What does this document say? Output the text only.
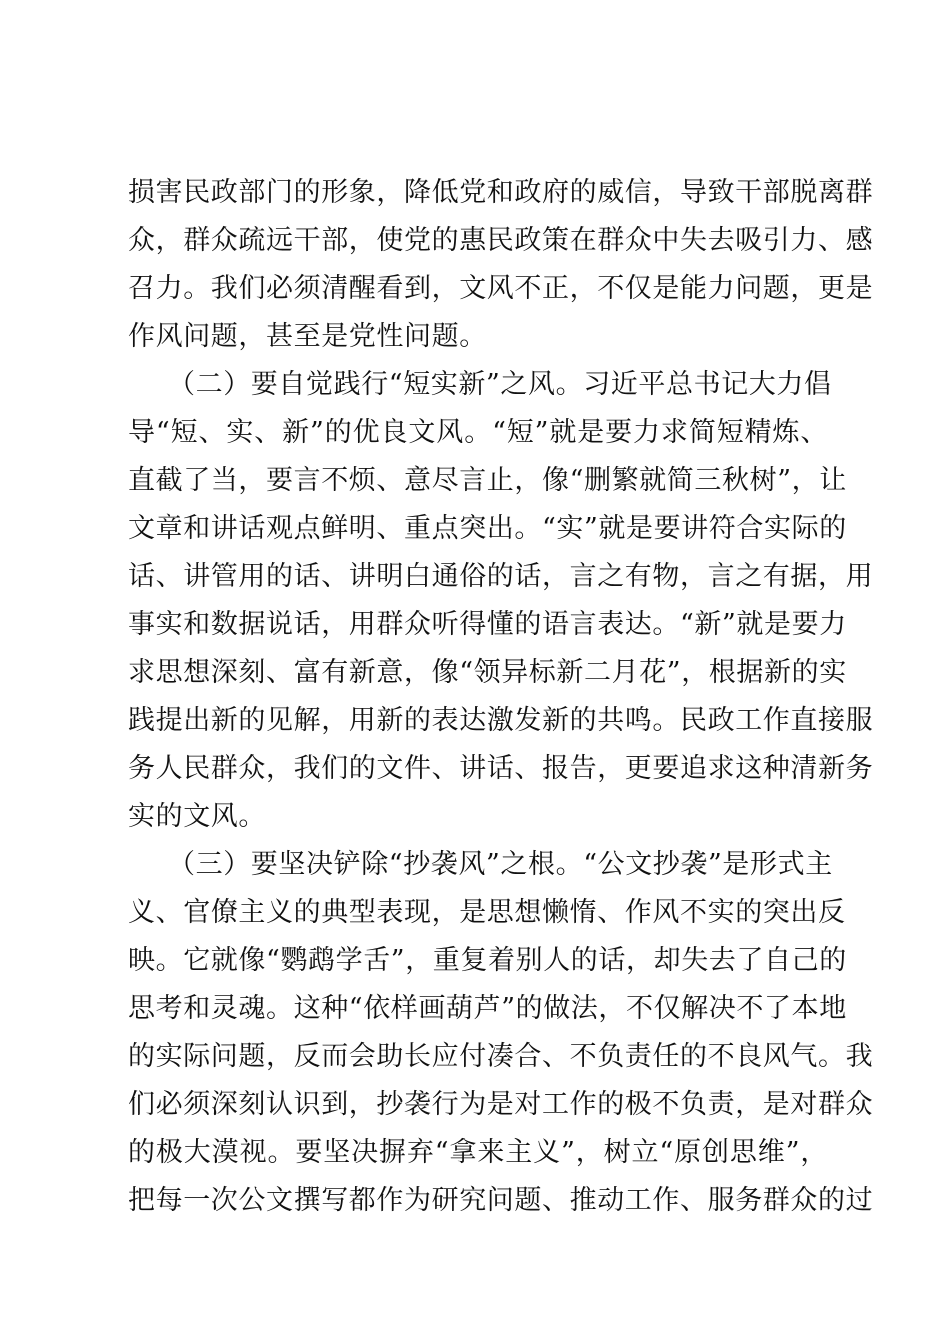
损害民政部门的形象，降低党和政府的威信，导致干部脱离群
众，群众疏远干部，使党的惠民政策在群众中失去吸引力、感
召力。我们必须清醒看到，文风不正，不仅是能力问题，更是
作风问题，甚至是党性问题。
（二）要自觉践行“短实新”之风。习近平总书记大力倡
导“短、实、新”的优良文风。“短”就是要力求简短精炼、
直截了当，要言不烦、意尽言止，像“删繁就简三秋树”，让
文章和讲话观点鲜明、重点突出。“实”就是要讲符合实际的
话、讲管用的话、讲明白通俗的话，言之有物，言之有据，用
事实和数据说话，用群众听得懂的语言表达。“新”就是要力
求思想深刻、富有新意，像“领异标新二月花”，根据新的实
践提出新的见解，用新的表达激发新的共鸣。民政工作直接服
务人民群众，我们的文件、讲话、报告，更要追求这种清新务
实的文风。
（三）要坚决铲除“抄袭风”之根。“公文抄袭”是形式主
义、官僚主义的典型表现，是思想懒惰、作风不实的突出反
映。它就像“鹦鹉学舌”，重复着别人的话，却失去了自己的
思考和灵魂。这种“依样画葫芦”的做法，不仅解决不了本地
的实际问题，反而会助长应付凑合、不负责任的不良风气。我
们必须深刻认识到，抄袭行为是对工作的极不负责，是对群众
的极大漠视。要坚决摒弃“拿来主义”，树立“原创思维”，
把每一次公文撰写都作为研究问题、推动工作、服务群众的过
